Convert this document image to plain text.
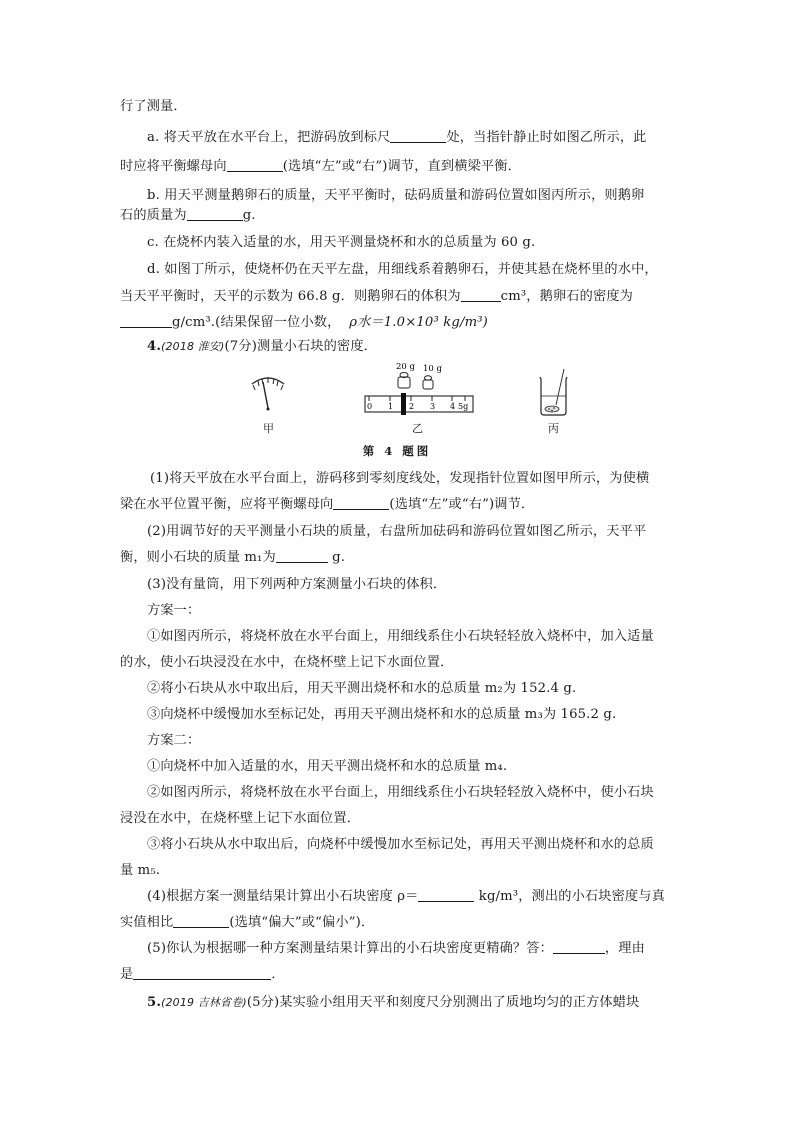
行了测量．
a. 将天平放在水平台上，把游码放到标尺	处，当指针静止时如图乙所示，此
时应将平衡螺母向	(选填“左”或“右”)调节，直到横梁平衡．
b. 用天平测量鹅卵石的质量，天平平衡时，砝码质量和游码位置如图丙所示，则鹅卵
石的质量为	g.
c. 在烧杯内装入适量的水，用天平测量烧杯和水的总质量为 60 g.
d. 如图丁所示，使烧杯仍在天平左盘，用细线系着鹅卵石，并使其悬在烧杯里的水中，
当天平平衡时，天平的示数为 66.8 g．则鹅卵石的体积为	cm³，鹅卵石的密度为
g/cm³.(结果保留一位小数， ρ水＝1.0×10³ kg/m³)
4.(2018 淮安)(7分)测量小石块的密度．
20 g 10 g
0 1 2 3 4 5g
甲	乙	丙
第 4 题图
(1)将天平放在水平台面上，游码移到零刻度线处，发现指针位置如图甲所示，为使横
梁在水平位置平衡，应将平衡螺母向	(选填“左”或“右”)调节．
(2)用调节好的天平测量小石块的质量，右盘所加砝码和游码位置如图乙所示，天平平
衡，则小石块的质量 m₁为	g.
(3)没有量筒，用下列两种方案测量小石块的体积．
方案一：
①如图丙所示，将烧杯放在水平台面上，用细线系住小石块轻轻放入烧杯中，加入适量
的水，使小石块浸没在水中，在烧杯壁上记下水面位置．
②将小石块从水中取出后，用天平测出烧杯和水的总质量 m₂为 152.4 g.
③向烧杯中缓慢加水至标记处，再用天平测出烧杯和水的总质量 m₃为 165.2 g.
方案二：
①向烧杯中加入适量的水，用天平测出烧杯和水的总质量 m₄.
②如图丙所示，将烧杯放在水平台面上，用细线系住小石块轻轻放入烧杯中，使小石块
浸没在水中，在烧杯壁上记下水面位置．
③将小石块从水中取出后，向烧杯中缓慢加水至标记处，再用天平测出烧杯和水的总质
量 m₅.
(4)根据方案一测量结果计算出小石块密度 ρ＝	kg/m³，测出的小石块密度与真
实值相比	(选填“偏大”或“偏小”)．
(5)你认为根据哪一种方案测量结果计算出的小石块密度更精确？答：	，理由
是	．
5.(2019 吉林省卷)(5分)某实验小组用天平和刻度尺分别测出了质地均匀的正方体蜡块
